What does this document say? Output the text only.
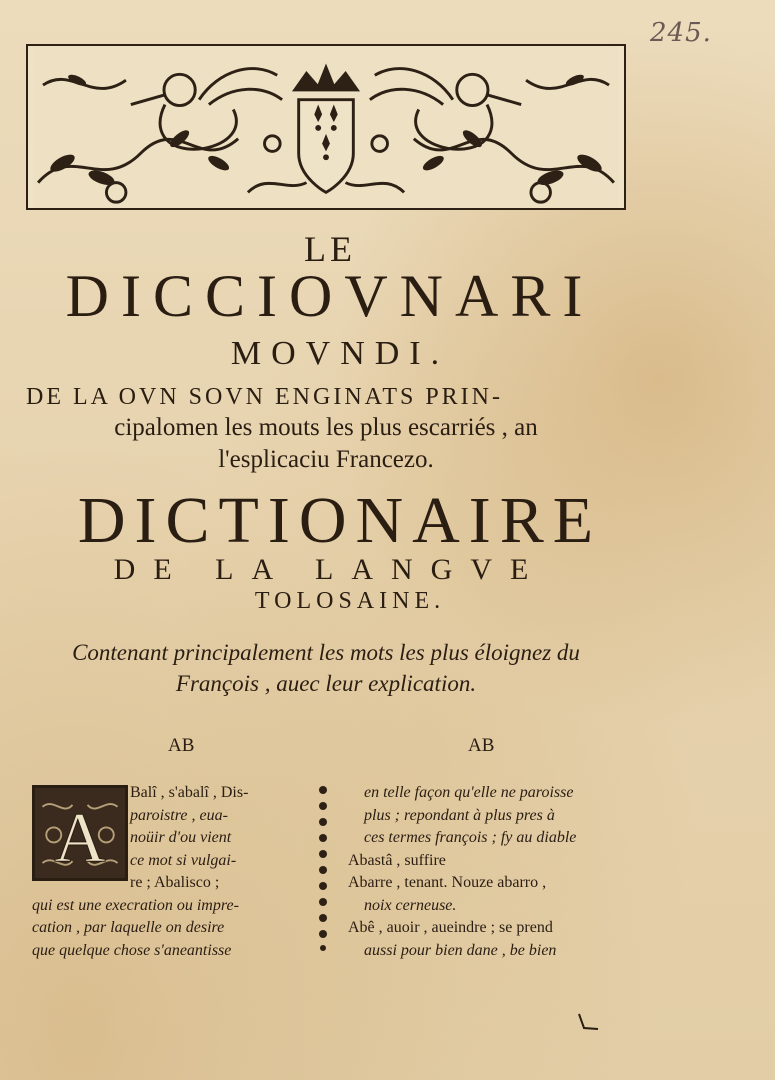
245.
LE
DICCIOVNARI
MOVNDI.
DE LA OVN SOVN ENGINATS PRIN-
cipalomen les mouts les plus escarriés , an
l'esplicaciu Francezo.
DICTIONAIRE
DE LA LANGVE
TOLOSAINE.
Contenant principalement les mots les plus éloignez du
François , auec leur explication.
AB	AB
A
Balî , s'abalî , Dis-
paroistre , eua-
noüir d'ou vient
ce mot si vulgai-
re ; Abalisco ;
qui est une execration ou impre-
cation , par laquelle on desire
que quelque chose s'aneantisse
en telle façon qu'elle ne paroisse
plus ; repondant à plus pres à
ces termes françois ; fy au diable
Abastâ , suffire
Abarre , tenant. Nouze abarro ,
noix cerneuse.
Abê , auoir , aueindre ; se prend
aussi pour bien dane , be bien
